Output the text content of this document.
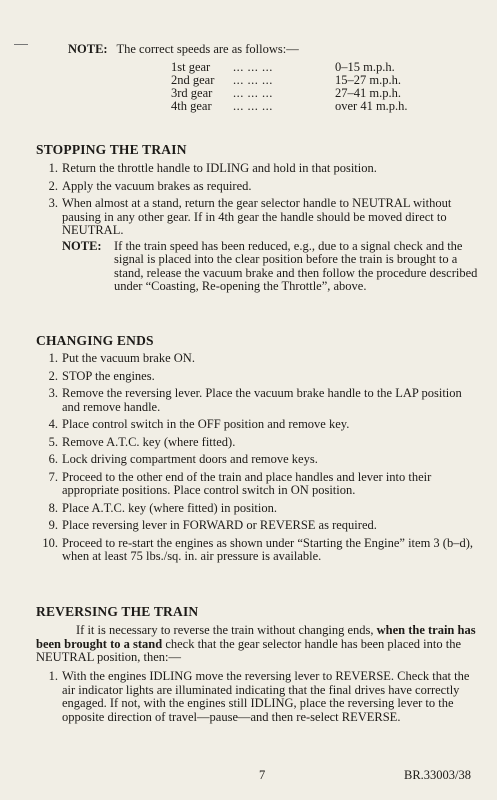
NOTE: The correct speeds are as follows:—
1st gear	... ... ...	0–15 m.p.h.
2nd gear	... ... ...	15–27 m.p.h.
3rd gear	... ... ...	27–41 m.p.h.
4th gear	... ... ...	over 41 m.p.h.
STOPPING THE TRAIN
1. Return the throttle handle to IDLING and hold in that position.
2. Apply the vacuum brakes as required.
3. When almost at a stand, return the gear selector handle to NEUTRAL without pausing in any other gear. If in 4th gear the handle should be moved direct to NEUTRAL.
NOTE: If the train speed has been reduced, e.g., due to a signal check and the signal is placed into the clear position before the train is brought to a stand, release the vacuum brake and then follow the procedure described under “Coasting, Re-opening the Throttle”, above.
CHANGING ENDS
1. Put the vacuum brake ON.
2. STOP the engines.
3. Remove the reversing lever. Place the vacuum brake handle to the LAP position and remove handle.
4. Place control switch in the OFF position and remove key.
5. Remove A.T.C. key (where fitted).
6. Lock driving compartment doors and remove keys.
7. Proceed to the other end of the train and place handles and lever into their appropriate positions. Place control switch in ON position.
8. Place A.T.C. key (where fitted) in position.
9. Place reversing lever in FORWARD or REVERSE as required.
10. Proceed to re-start the engines as shown under “Starting the Engine” item 3 (b–d), when at least 75 lbs./sq. in. air pressure is available.
REVERSING THE TRAIN
If it is necessary to reverse the train without changing ends, when the train has been brought to a stand check that the gear selector handle has been placed into the NEUTRAL position, then:—
1. With the engines IDLING move the reversing lever to REVERSE. Check that the air indicator lights are illuminated indicating that the final drives have correctly engaged. If not, with the engines still IDLING, place the reversing lever to the opposite direction of travel—pause—and then re-select REVERSE.
7	BR.33003/38
